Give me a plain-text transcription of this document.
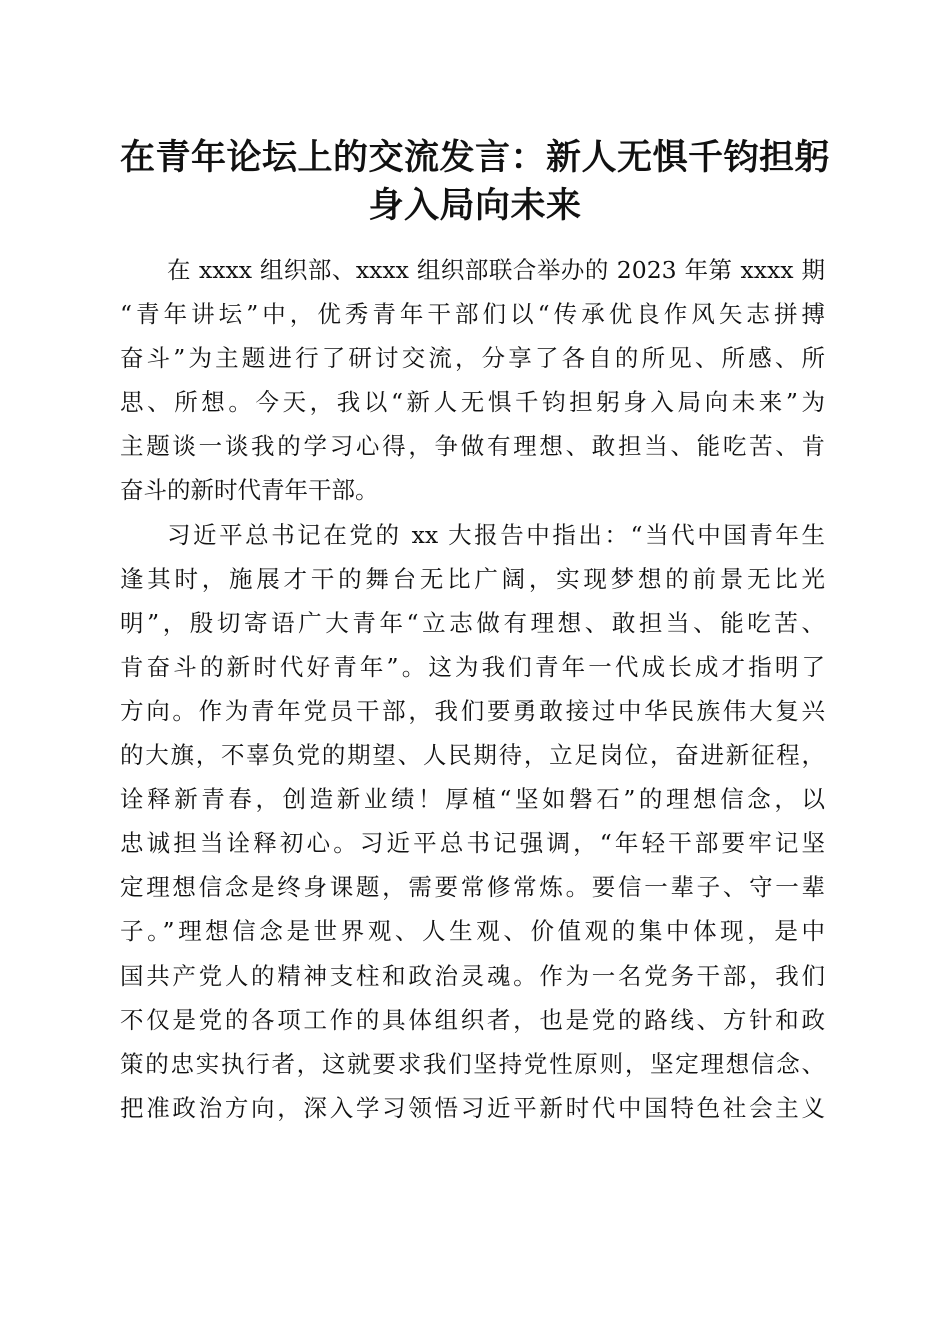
在青年论坛上的交流发言：新人无惧千钧担躬
身入局向未来
在 xxxx 组织部、xxxx 组织部联合举办的 2023 年第 xxxx 期
“青年讲坛”中，优秀青年干部们以“传承优良作风矢志拼搏
奋斗”为主题进行了研讨交流，分享了各自的所见、所感、所
思、所想。今天，我以“新人无惧千钧担躬身入局向未来”为
主题谈一谈我的学习心得，争做有理想、敢担当、能吃苦、肯
奋斗的新时代青年干部。
习近平总书记在党的 xx 大报告中指出：“当代中国青年生
逢其时，施展才干的舞台无比广阔，实现梦想的前景无比光
明”，殷切寄语广大青年“立志做有理想、敢担当、能吃苦、
肯奋斗的新时代好青年”。这为我们青年一代成长成才指明了
方向。作为青年党员干部，我们要勇敢接过中华民族伟大复兴
的大旗，不辜负党的期望、人民期待，立足岗位，奋进新征程，
诠释新青春，创造新业绩！厚植“坚如磐石”的理想信念，以
忠诚担当诠释初心。习近平总书记强调，“年轻干部要牢记坚
定理想信念是终身课题，需要常修常炼。要信一辈子、守一辈
子。”理想信念是世界观、人生观、价值观的集中体现，是中
国共产党人的精神支柱和政治灵魂。作为一名党务干部，我们
不仅是党的各项工作的具体组织者，也是党的路线、方针和政
策的忠实执行者，这就要求我们坚持党性原则，坚定理想信念、
把准政治方向，深入学习领悟习近平新时代中国特色社会主义
